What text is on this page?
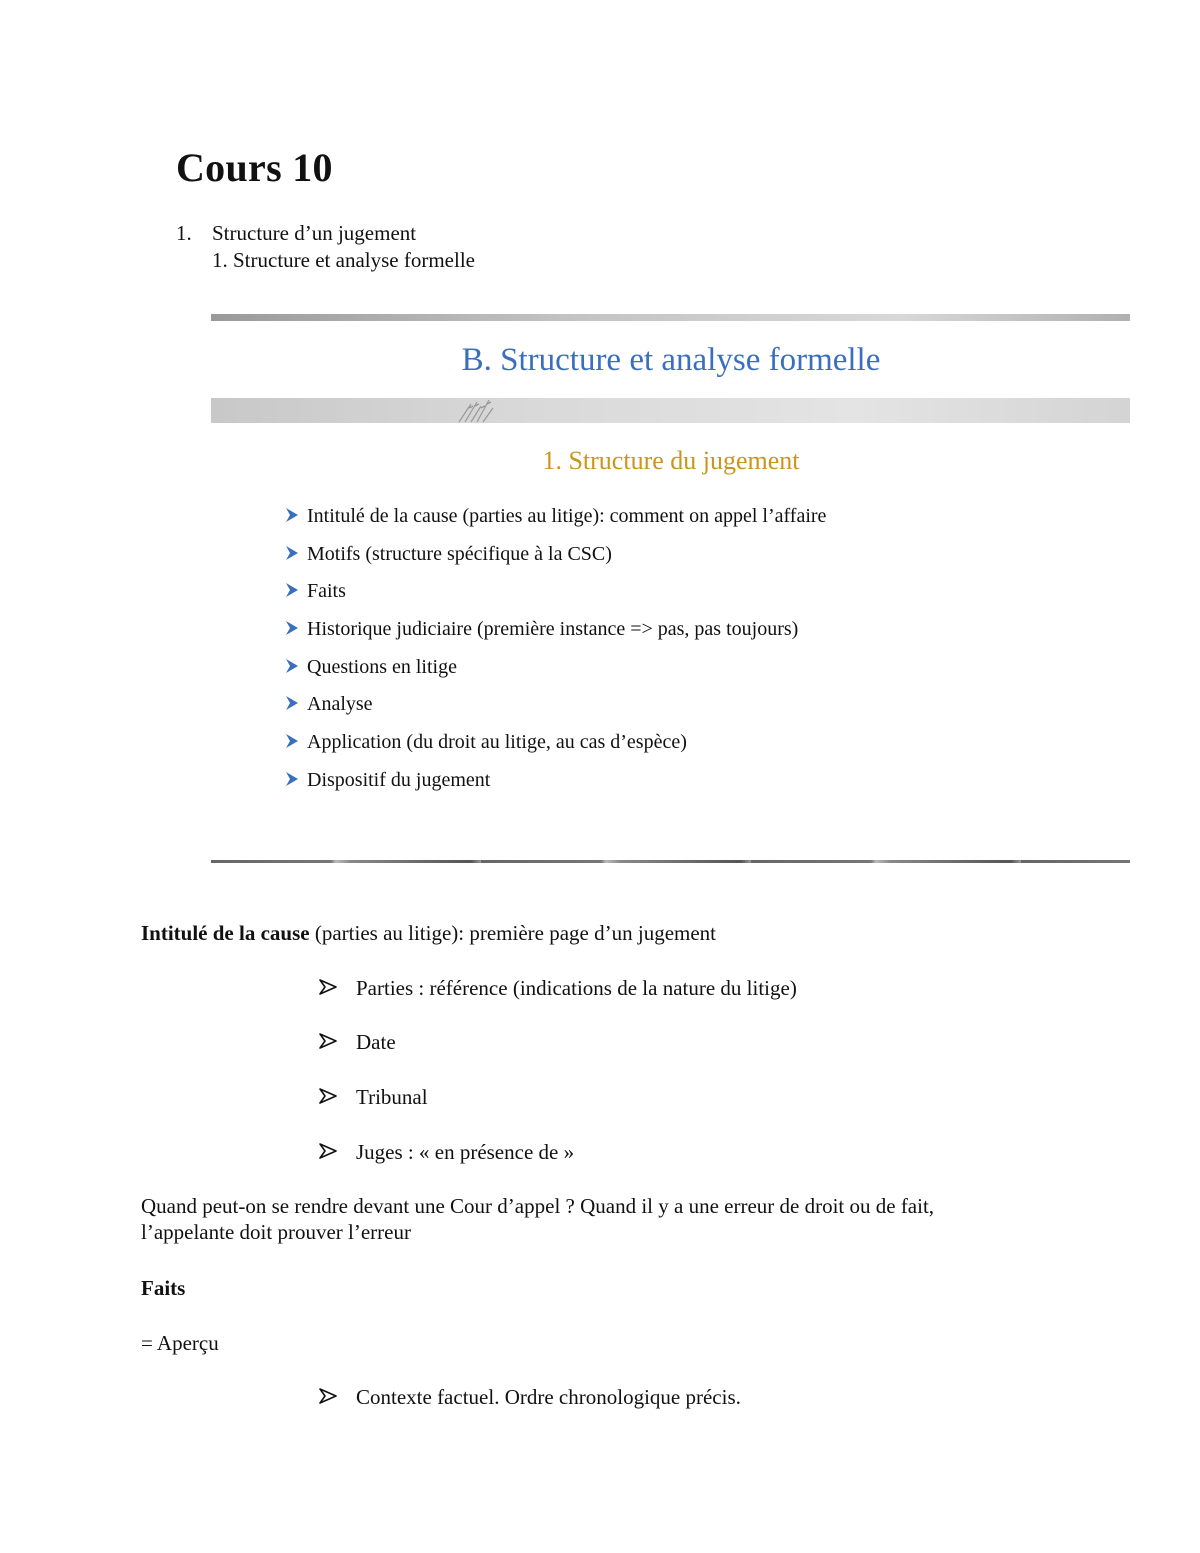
Cours 10
1. Structure d’un jugement
1. Structure et analyse formelle
B. Structure et analyse formelle
1. Structure du jugement
Intitulé de la cause (parties au litige): comment on appel l’affaire
Motifs (structure spécifique à la CSC)
Faits
Historique judiciaire (première instance => pas, pas toujours)
Questions en litige
Analyse
Application (du droit au litige, au cas d’espèce)
Dispositif du jugement
Intitulé de la cause (parties au litige): première page d’un jugement
Parties : référence (indications de la nature du litige)
Date
Tribunal
Juges : « en présence de »
Quand peut-on se rendre devant une Cour d’appel ? Quand il y a une erreur de droit ou de fait,
l’appelante doit prouver l’erreur
Faits
= Aperçu
Contexte factuel. Ordre chronologique précis.
